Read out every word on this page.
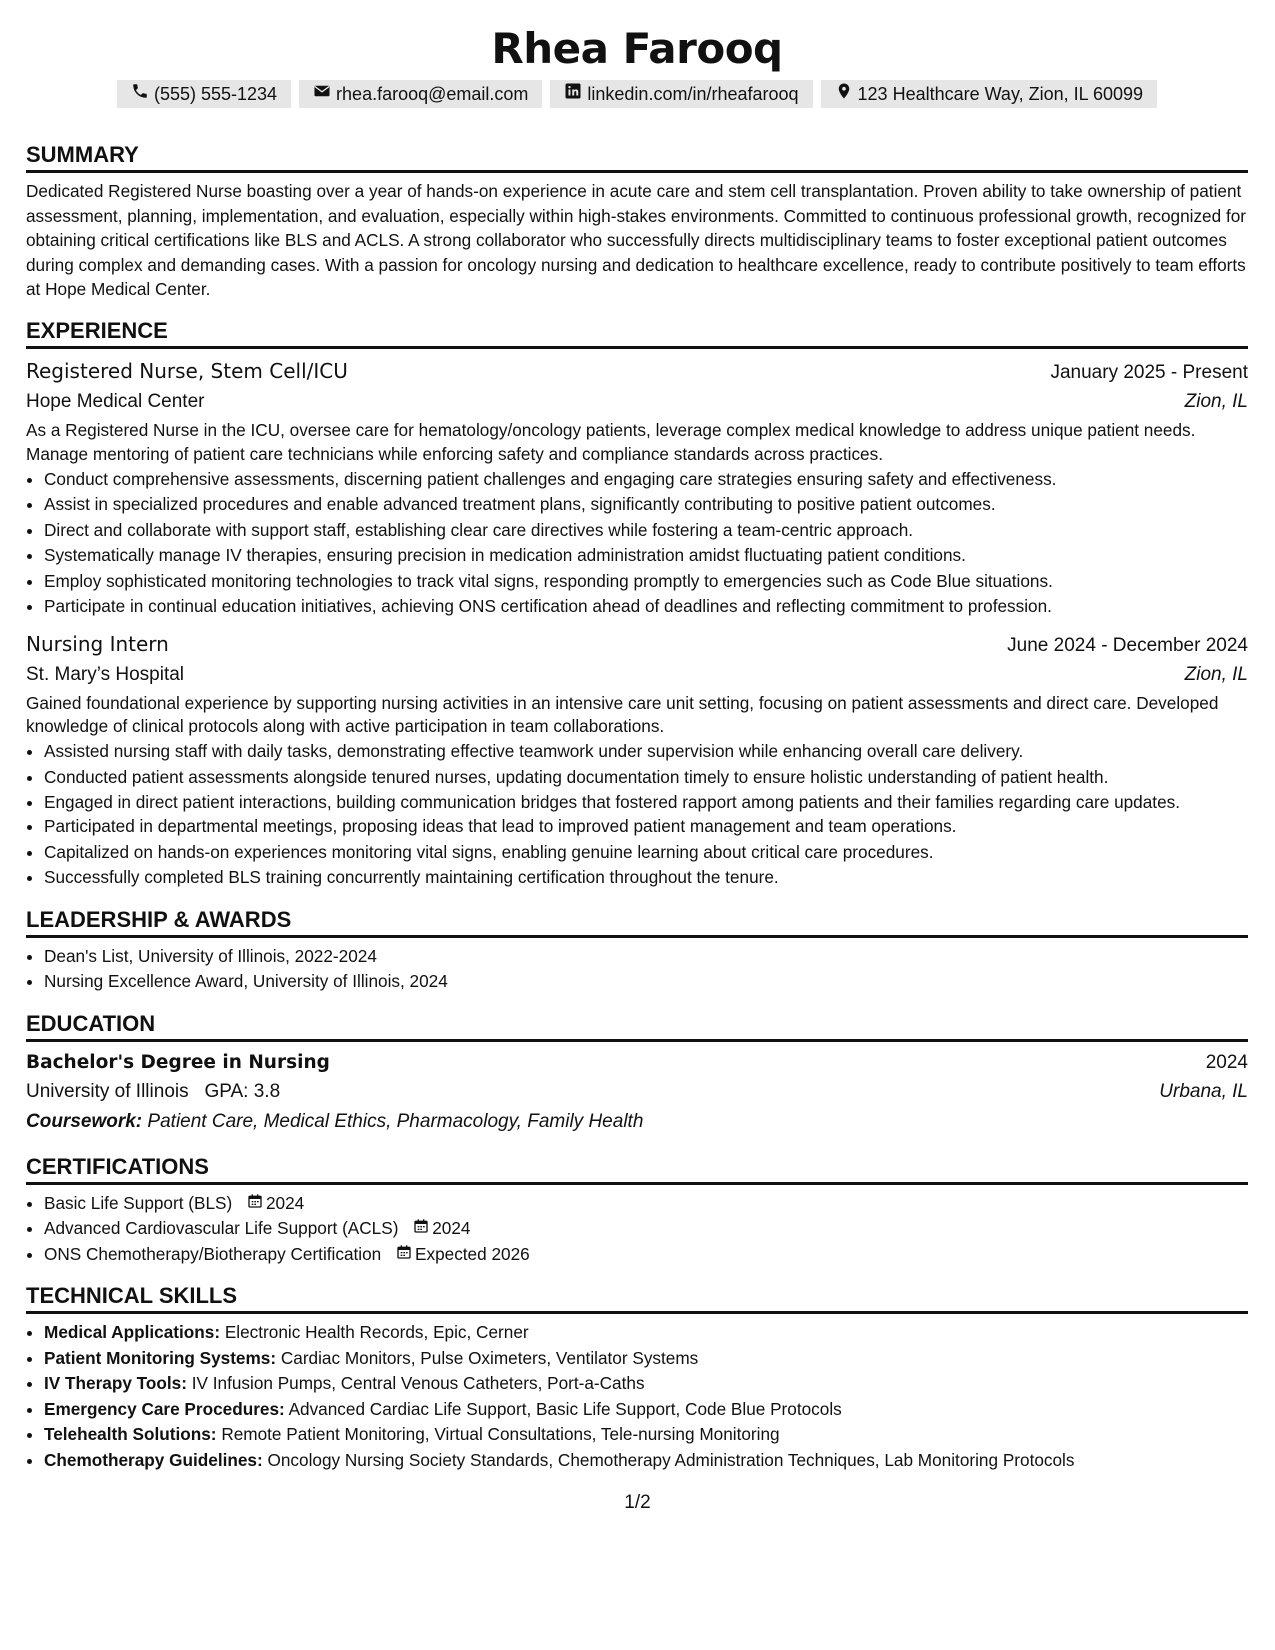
Rhea Farooq
(555) 555-1234	rhea.farooq@email.com	linkedin.com/in/rheafarooq	123 Healthcare Way, Zion, IL 60099
SUMMARY
Dedicated Registered Nurse boasting over a year of hands-on experience in acute care and stem cell transplantation. Proven ability to take ownership of patient assessment, planning, implementation, and evaluation, especially within high-stakes environments. Committed to continuous professional growth, recognized for obtaining critical certifications like BLS and ACLS. A strong collaborator who successfully directs multidisciplinary teams to foster exceptional patient outcomes during complex and demanding cases. With a passion for oncology nursing and dedication to healthcare excellence, ready to contribute positively to team efforts at Hope Medical Center.
EXPERIENCE
Registered Nurse, Stem Cell/ICU	January 2025 - Present
Hope Medical Center	Zion, IL
As a Registered Nurse in the ICU, oversee care for hematology/oncology patients, leverage complex medical knowledge to address unique patient needs. Manage mentoring of patient care technicians while enforcing safety and compliance standards across practices.
• Conduct comprehensive assessments, discerning patient challenges and engaging care strategies ensuring safety and effectiveness.
• Assist in specialized procedures and enable advanced treatment plans, significantly contributing to positive patient outcomes.
• Direct and collaborate with support staff, establishing clear care directives while fostering a team-centric approach.
• Systematically manage IV therapies, ensuring precision in medication administration amidst fluctuating patient conditions.
• Employ sophisticated monitoring technologies to track vital signs, responding promptly to emergencies such as Code Blue situations.
• Participate in continual education initiatives, achieving ONS certification ahead of deadlines and reflecting commitment to profession.
Nursing Intern	June 2024 - December 2024
St. Mary’s Hospital	Zion, IL
Gained foundational experience by supporting nursing activities in an intensive care unit setting, focusing on patient assessments and direct care. Developed knowledge of clinical protocols along with active participation in team collaborations.
• Assisted nursing staff with daily tasks, demonstrating effective teamwork under supervision while enhancing overall care delivery.
• Conducted patient assessments alongside tenured nurses, updating documentation timely to ensure holistic understanding of patient health.
• Engaged in direct patient interactions, building communication bridges that fostered rapport among patients and their families regarding care updates.
• Participated in departmental meetings, proposing ideas that lead to improved patient management and team operations.
• Capitalized on hands-on experiences monitoring vital signs, enabling genuine learning about critical care procedures.
• Successfully completed BLS training concurrently maintaining certification throughout the tenure.
LEADERSHIP & AWARDS
• Dean's List, University of Illinois, 2022-2024
• Nursing Excellence Award, University of Illinois, 2024
EDUCATION
Bachelor's Degree in Nursing	2024
University of Illinois GPA: 3.8	Urbana, IL
Coursework: Patient Care, Medical Ethics, Pharmacology, Family Health
CERTIFICATIONS
• Basic Life Support (BLS) 2024
• Advanced Cardiovascular Life Support (ACLS) 2024
• ONS Chemotherapy/Biotherapy Certification Expected 2026
TECHNICAL SKILLS
• Medical Applications: Electronic Health Records, Epic, Cerner
• Patient Monitoring Systems: Cardiac Monitors, Pulse Oximeters, Ventilator Systems
• IV Therapy Tools: IV Infusion Pumps, Central Venous Catheters, Port-a-Caths
• Emergency Care Procedures: Advanced Cardiac Life Support, Basic Life Support, Code Blue Protocols
• Telehealth Solutions: Remote Patient Monitoring, Virtual Consultations, Tele-nursing Monitoring
• Chemotherapy Guidelines: Oncology Nursing Society Standards, Chemotherapy Administration Techniques, Lab Monitoring Protocols
1/2
